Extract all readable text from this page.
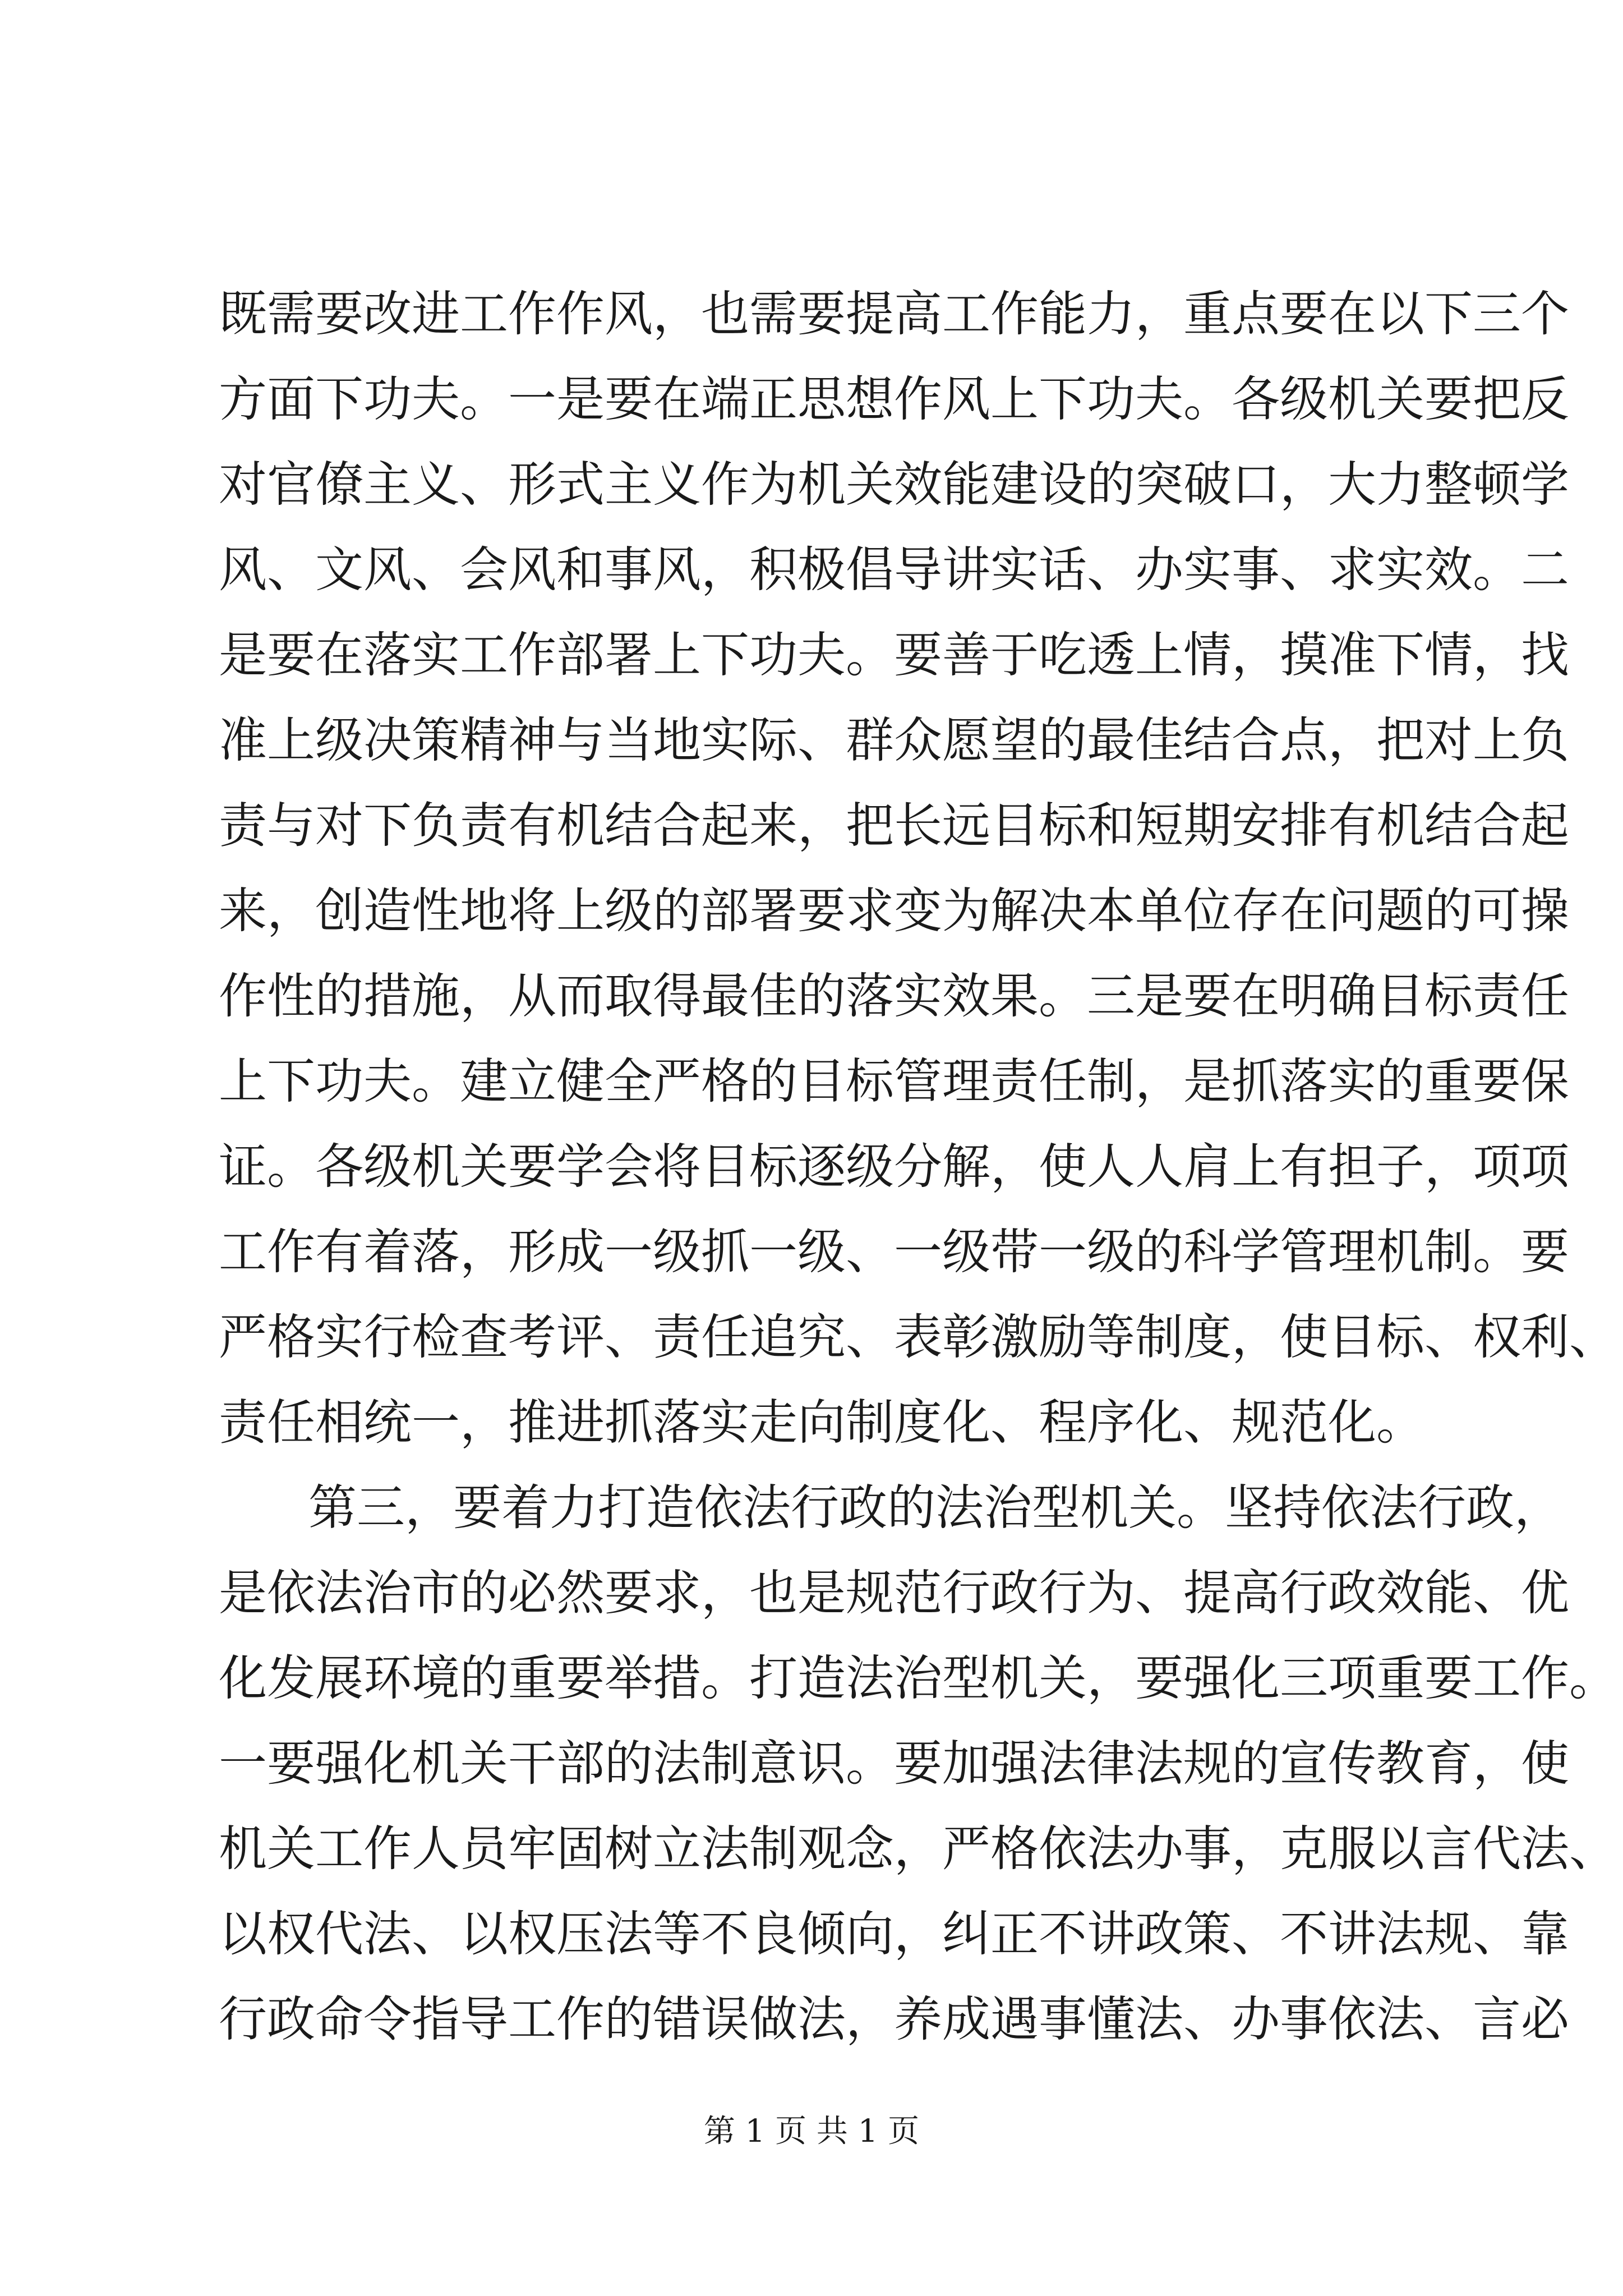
既需要改进工作作风，也需要提高工作能力，重点要在以下三个
方面下功夫。一是要在端正思想作风上下功夫。各级机关要把反
对官僚主义、形式主义作为机关效能建设的突破口，大力整顿学
风、文风、会风和事风，积极倡导讲实话、办实事、求实效。二
是要在落实工作部署上下功夫。要善于吃透上情，摸准下情，找
准上级决策精神与当地实际、群众愿望的最佳结合点，把对上负
责与对下负责有机结合起来，把长远目标和短期安排有机结合起
来，创造性地将上级的部署要求变为解决本单位存在问题的可操
作性的措施，从而取得最佳的落实效果。三是要在明确目标责任
上下功夫。建立健全严格的目标管理责任制，是抓落实的重要保
证。各级机关要学会将目标逐级分解，使人人肩上有担子，项项
工作有着落，形成一级抓一级、一级带一级的科学管理机制。要
严格实行检查考评、责任追究、表彰激励等制度，使目标、权利、
责任相统一，推进抓落实走向制度化、程序化、规范化。
第三，要着力打造依法行政的法治型机关。坚持依法行政，
是依法治市的必然要求，也是规范行政行为、提高行政效能、优
化发展环境的重要举措。打造法治型机关，要强化三项重要工作。
一要强化机关干部的法制意识。要加强法律法规的宣传教育，使
机关工作人员牢固树立法制观念，严格依法办事，克服以言代法、
以权代法、以权压法等不良倾向，纠正不讲政策、不讲法规、靠
行政命令指导工作的错误做法，养成遇事懂法、办事依法、言必
第 1 页 共 1 页
